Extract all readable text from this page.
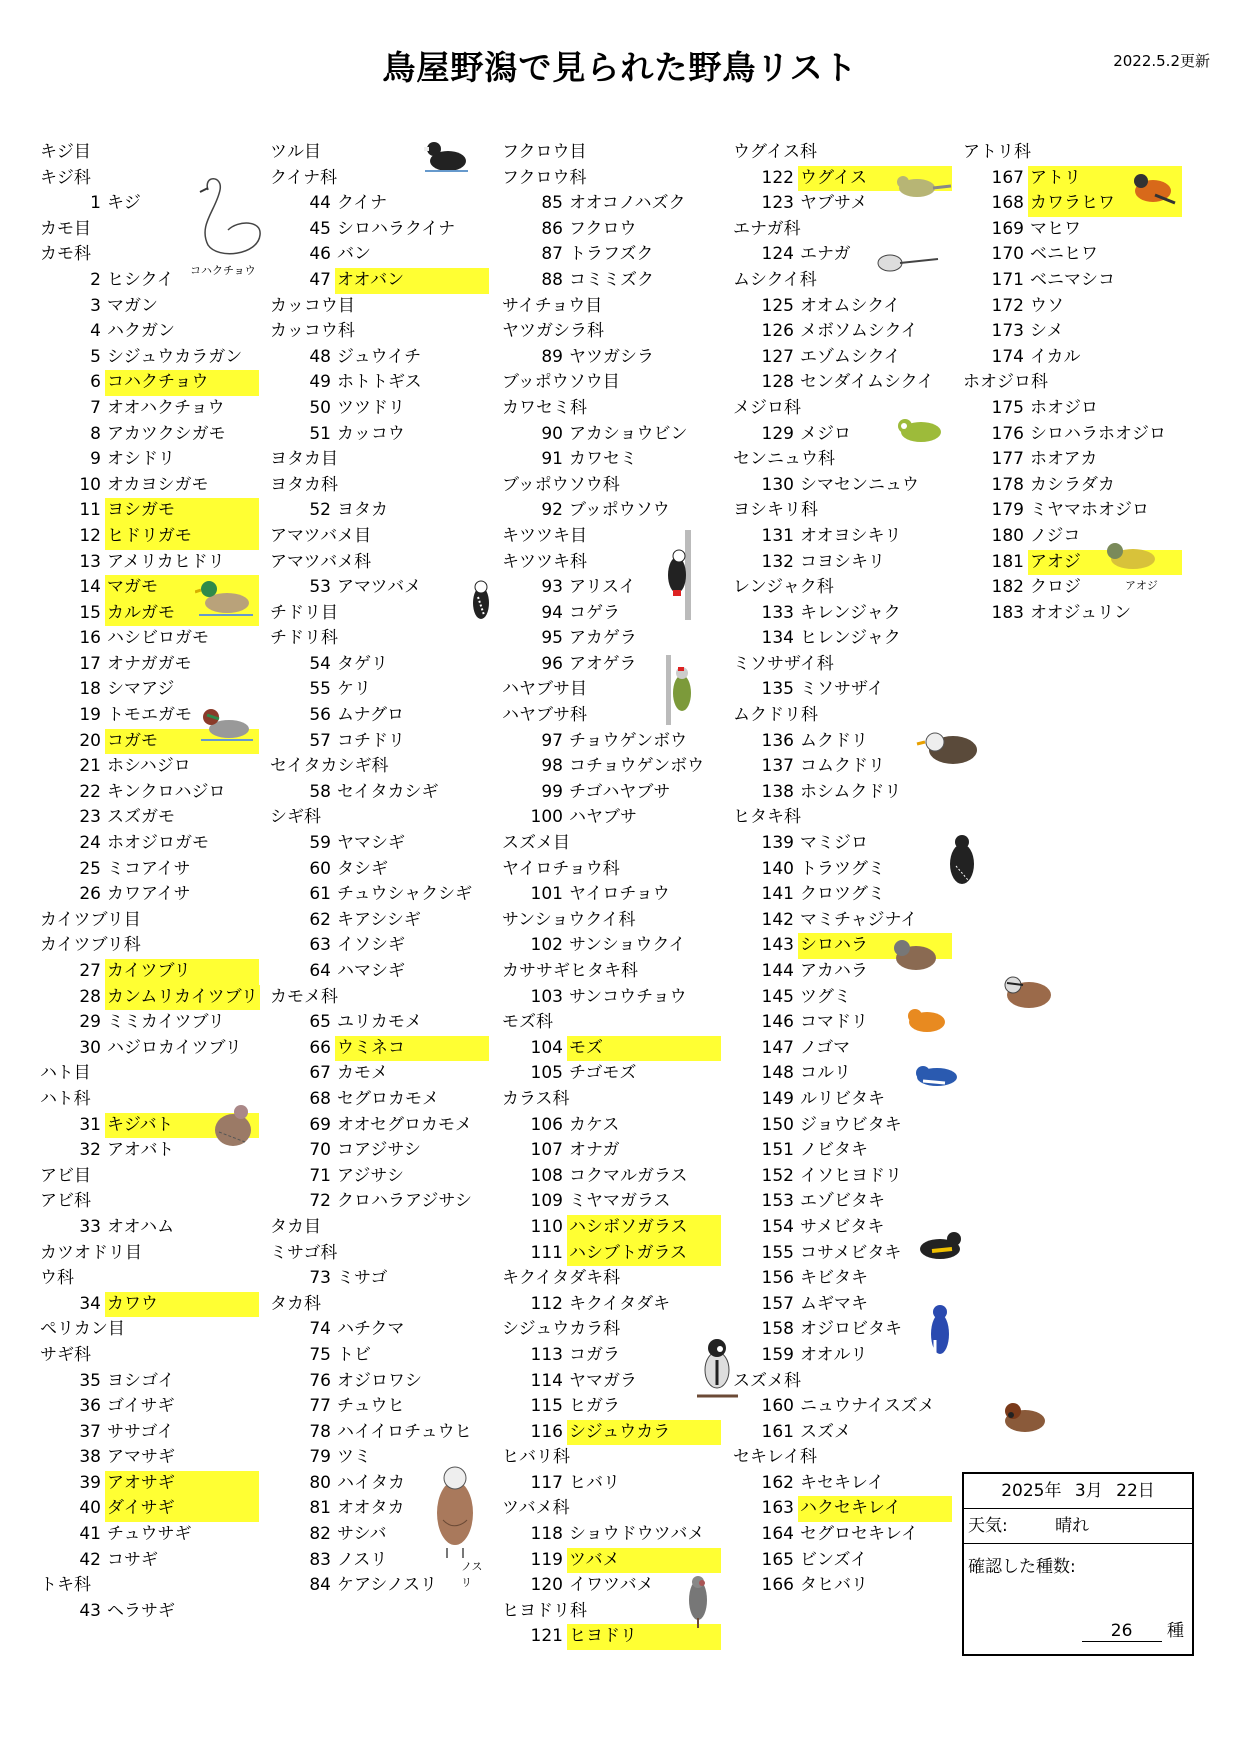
鳥屋野潟で見られた野鳥リスト	2022.5.2更新
キジ目
キジ科
1 キジ
カモ目
カモ科
2 ヒシクイ
3 マガン
4 ハクガン
5 シジュウカラガン
6 コハクチョウ
7 オオハクチョウ
8 アカツクシガモ
9 オシドリ
10 オカヨシガモ
11 ヨシガモ
12 ヒドリガモ
13 アメリカヒドリ
14 マガモ
15 カルガモ
16 ハシビロガモ
17 オナガガモ
18 シマアジ
19 トモエガモ
20 コガモ
21 ホシハジロ
22 キンクロハジロ
23 スズガモ
24 ホオジロガモ
25 ミコアイサ
26 カワアイサ
カイツブリ目
カイツブリ科
27 カイツブリ
28 カンムリカイツブリ
29 ミミカイツブリ
30 ハジロカイツブリ
ハト目
ハト科
31 キジバト
32 アオバト
アビ目
アビ科
33 オオハム
カツオドリ目
ウ科
34 カワウ
ペリカン目
サギ科
35 ヨシゴイ
36 ゴイサギ
37 ササゴイ
38 アマサギ
39 アオサギ
40 ダイサギ
41 チュウサギ
42 コサギ
トキ科
43 ヘラサギ
ツル目
クイナ科
44 クイナ
45 シロハラクイナ
46 バン
47 オオバン
カッコウ目
カッコウ科
48 ジュウイチ
49 ホトトギス
50 ツツドリ
51 カッコウ
ヨタカ目
ヨタカ科
52 ヨタカ
アマツバメ目
アマツバメ科
53 アマツバメ
チドリ目
チドリ科
54 タゲリ
55 ケリ
56 ムナグロ
57 コチドリ
セイタカシギ科
58 セイタカシギ
シギ科
59 ヤマシギ
60 タシギ
61 チュウシャクシギ
62 キアシシギ
63 イソシギ
64 ハマシギ
カモメ科
65 ユリカモメ
66 ウミネコ
67 カモメ
68 セグロカモメ
69 オオセグロカモメ
70 コアジサシ
71 アジサシ
72 クロハラアジサシ
タカ目
ミサゴ科
73 ミサゴ
タカ科
74 ハチクマ
75 トビ
76 オジロワシ
77 チュウヒ
78 ハイイロチュウヒ
79 ツミ
80 ハイタカ
81 オオタカ
82 サシバ
83 ノスリ
84 ケアシノスリ
フクロウ目
フクロウ科
85 オオコノハズク
86 フクロウ
87 トラフズク
88 コミミズク
サイチョウ目
ヤツガシラ科
89 ヤツガシラ
ブッポウソウ目
カワセミ科
90 アカショウビン
91 カワセミ
ブッポウソウ科
92 ブッポウソウ
キツツキ目
キツツキ科
93 アリスイ
94 コゲラ
95 アカゲラ
96 アオゲラ
ハヤブサ目
ハヤブサ科
97 チョウゲンボウ
98 コチョウゲンボウ
99 チゴハヤブサ
100 ハヤブサ
スズメ目
ヤイロチョウ科
101 ヤイロチョウ
サンショウクイ科
102 サンショウクイ
カササギヒタキ科
103 サンコウチョウ
モズ科
104 モズ
105 チゴモズ
カラス科
106 カケス
107 オナガ
108 コクマルガラス
109 ミヤマガラス
110 ハシボソガラス
111 ハシブトガラス
キクイタダキ科
112 キクイタダキ
シジュウカラ科
113 コガラ
114 ヤマガラ
115 ヒガラ
116 シジュウカラ
ヒバリ科
117 ヒバリ
ツバメ科
118 ショウドウツバメ
119 ツバメ
120 イワツバメ
ヒヨドリ科
121 ヒヨドリ
ウグイス科
122 ウグイス
123 ヤブサメ
エナガ科
124 エナガ
ムシクイ科
125 オオムシクイ
126 メボソムシクイ
127 エゾムシクイ
128 センダイムシクイ
メジロ科
129 メジロ
センニュウ科
130 シマセンニュウ
ヨシキリ科
131 オオヨシキリ
132 コヨシキリ
レンジャク科
133 キレンジャク
134 ヒレンジャク
ミソサザイ科
135 ミソサザイ
ムクドリ科
136 ムクドリ
137 コムクドリ
138 ホシムクドリ
ヒタキ科
139 マミジロ
140 トラツグミ
141 クロツグミ
142 マミチャジナイ
143 シロハラ
144 アカハラ
145 ツグミ
146 コマドリ
147 ノゴマ
148 コルリ
149 ルリビタキ
150 ジョウビタキ
151 ノビタキ
152 イソヒヨドリ
153 エゾビタキ
154 サメビタキ
155 コサメビタキ
156 キビタキ
157 ムギマキ
158 オジロビタキ
159 オオルリ
スズメ科
160 ニュウナイスズメ
161 スズメ
セキレイ科
162 キセキレイ
163 ハクセキレイ
164 セグロセキレイ
165 ビンズイ
166 タヒバリ
アトリ科
167 アトリ
168 カワラヒワ
169 マヒワ
170 ベニヒワ
171 ベニマシコ
172 ウソ
173 シメ
174 イカル
ホオジロ科
175 ホオジロ
176 シロハラホオジロ
177 ホオアカ
178 カシラダカ
179 ミヤマホオジロ
180 ノジコ
181 アオジ
182 クロジ
183 オオジュリン
コハクチョウ
ノスリ
アオジ
2025年 3月 22日
天気:	晴れ
確認した種数:
26 種
